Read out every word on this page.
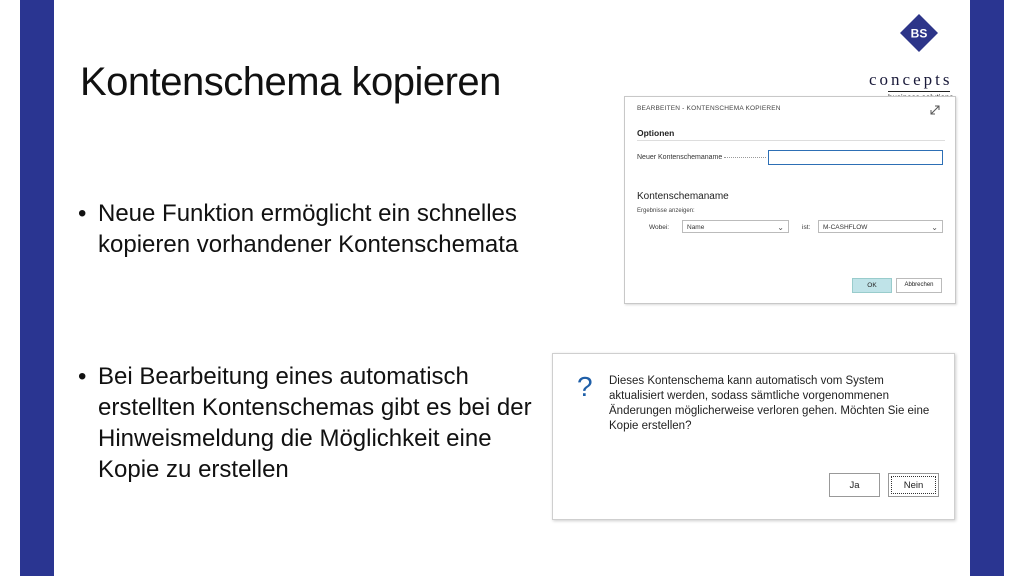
Kontenschema kopieren
BS
concepts
• Neue Funktion ermöglicht ein schnelles kopieren vorhandener Kontenschemata
• Bei Bearbeitung eines automatisch erstellten Kontenschemas gibt es bei der Hinweismeldung die Möglichkeit eine Kopie zu erstellen
BEARBEITEN - KONTENSCHEMA KOPIEREN
Optionen
Neuer Kontenschemaname
Kontenschemaname
Ergebnisse anzeigen:
Wobei:	Name	⌄	ist:	M-CASHFLOW	⌄
OK	Abbrechen
? Dieses Kontenschema kann automatisch vom System aktualisiert werden, sodass sämtliche vorgenommenen Änderungen möglicherweise verloren gehen. Möchten Sie eine Kopie erstellen?
Ja	Nein
